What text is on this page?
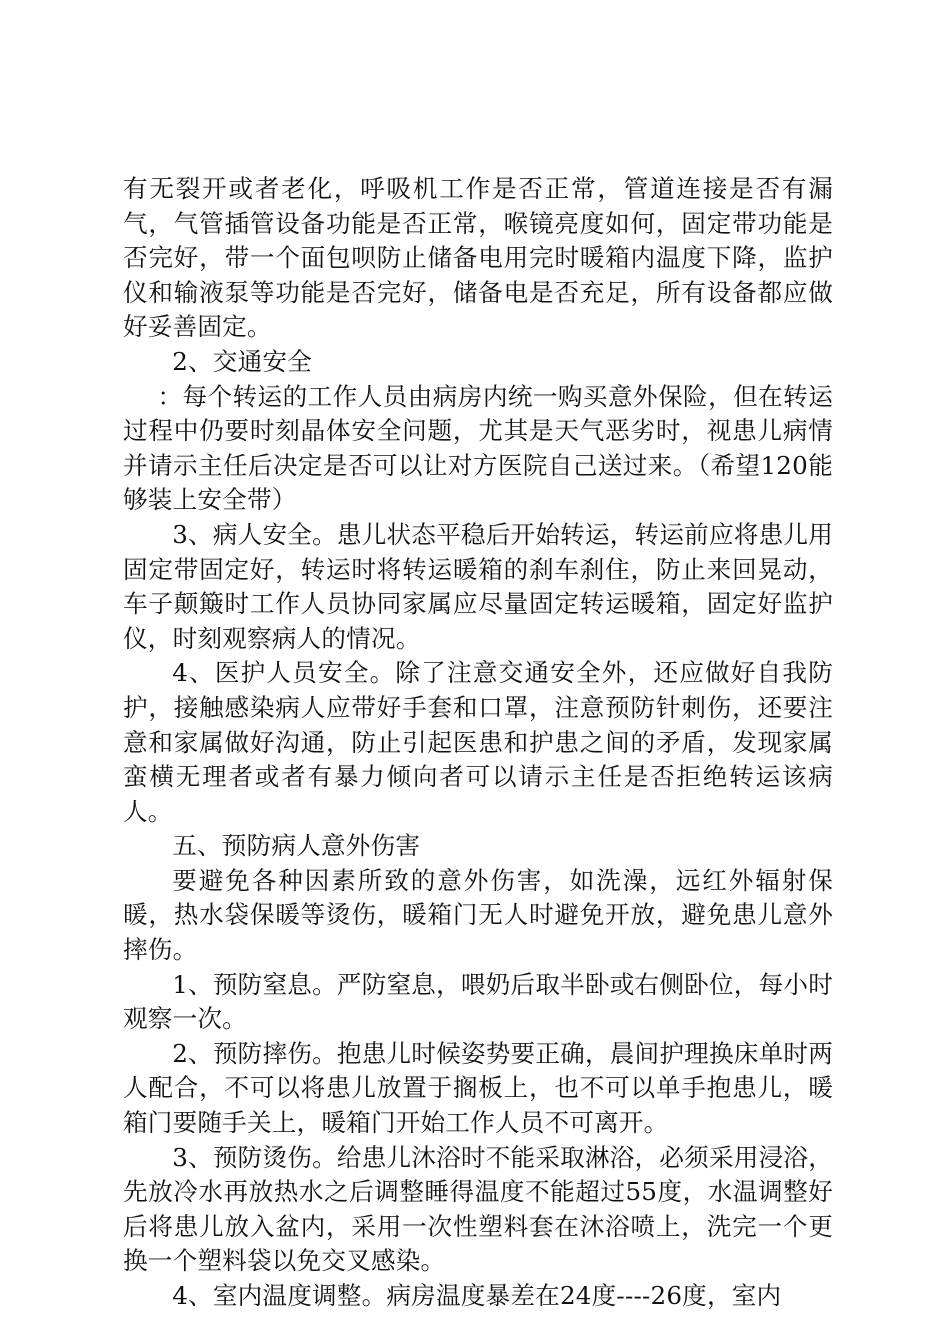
有无裂开或者老化，呼吸机工作是否正常，管道连接是否有漏气，气管插管设备功能是否正常，喉镜亮度如何，固定带功能是否完好，带一个面包呗防止储备电用完时暖箱内温度下降，监护仪和输液泵等功能是否完好，储备电是否充足，所有设备都应做好妥善固定。

2、交通安全

：每个转运的工作人员由病房内统一购买意外保险，但在转运过程中仍要时刻晶体安全问题，尤其是天气恶劣时，视患儿病情并请示主任后决定是否可以让对方医院自己送过来。（希望120能够装上安全带）

3、病人安全。患儿状态平稳后开始转运，转运前应将患儿用固定带固定好，转运时将转运暖箱的刹车刹住，防止来回晃动，车子颠簸时工作人员协同家属应尽量固定转运暖箱，固定好监护仪，时刻观察病人的情况。

4、医护人员安全。除了注意交通安全外，还应做好自我防护，接触感染病人应带好手套和口罩，注意预防针刺伤，还要注意和家属做好沟通，防止引起医患和护患之间的矛盾，发现家属蛮横无理者或者有暴力倾向者可以请示主任是否拒绝转运该病人。

五、预防病人意外伤害

要避免各种因素所致的意外伤害，如洗澡，远红外辐射保暖，热水袋保暖等烫伤，暖箱门无人时避免开放，避免患儿意外摔伤。

1、预防窒息。严防窒息，喂奶后取半卧或右侧卧位，每小时观察一次。

2、预防摔伤。抱患儿时候姿势要正确，晨间护理换床单时两人配合，不可以将患儿放置于搁板上，也不可以单手抱患儿，暖箱门要随手关上，暖箱门开始工作人员不可离开。

3、预防烫伤。给患儿沐浴时不能采取淋浴，必须采用浸浴，先放冷水再放热水之后调整睡得温度不能超过55度，水温调整好后将患儿放入盆内，采用一次性塑料套在沐浴喷上，洗完一个更换一个塑料袋以免交叉感染。

4、室内温度调整。病房温度暴差在24度----26度，室内
